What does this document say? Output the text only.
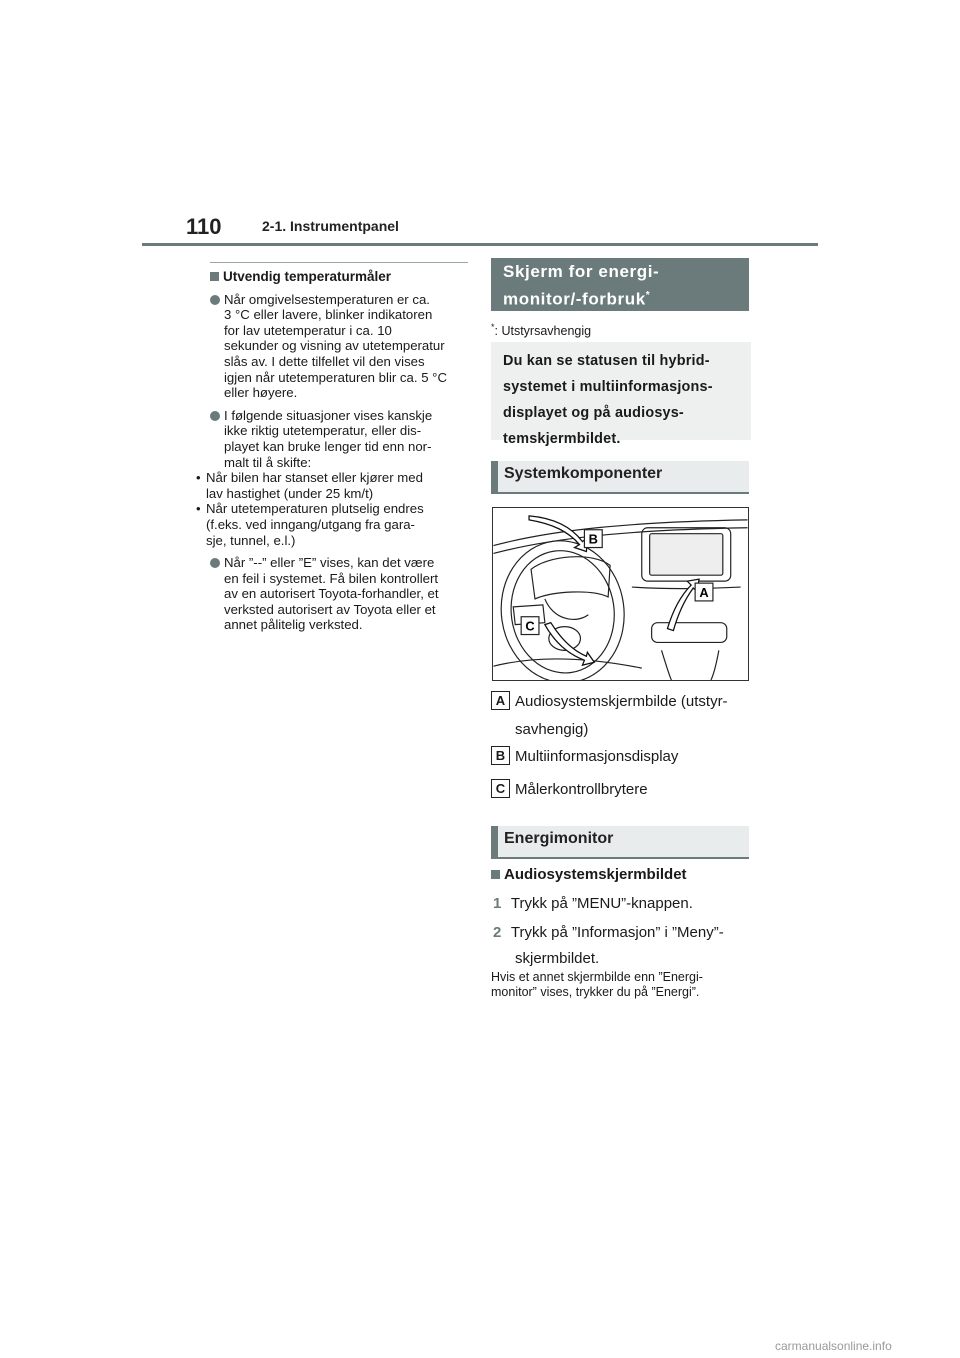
110	2-1. Instrumentpanel
Utvendig temperaturmåler
Når omgivelsestemperaturen er ca.
3 °C eller lavere, blinker indikatoren
for lav utetemperatur i ca. 10
sekunder og visning av utetemperatur
slås av. I dette tilfellet vil den vises
igjen når utetemperaturen blir ca. 5 °C
eller høyere.
I følgende situasjoner vises kanskje
ikke riktig utetemperatur, eller dis-
playet kan bruke lenger tid enn nor-
malt til å skifte:
• Når bilen har stanset eller kjører med
lav hastighet (under 25 km/t)
• Når utetemperaturen plutselig endres
(f.eks. ved inngang/utgang fra gara-
sje, tunnel, e.l.)
Når ”--” eller ”E” vises, kan det være
en feil i systemet. Få bilen kontrollert
av en autorisert Toyota-forhandler, et
verksted autorisert av Toyota eller et
annet pålitelig verksted.
Skjerm for energi-
monitor/-forbruk*
*: Utstyrsavhengig
Du kan se statusen til hybrid-
systemet i multiinformasjons-
displayet og på audiosys-
temskjermbildet.
Systemkomponenter
B
A
C
A Audiosystemskjermbilde (utstyr-
savhengig)
B Multiinformasjonsdisplay
C Målerkontrollbrytere
Energimonitor
Audiosystemskjermbildet
1 Trykk på ”MENU”-knappen.
2 Trykk på ”Informasjon” i ”Meny”-
skjermbildet.
Hvis et annet skjermbilde enn ”Energi-
monitor” vises, trykker du på ”Energi”.
carmanualsonline.info
